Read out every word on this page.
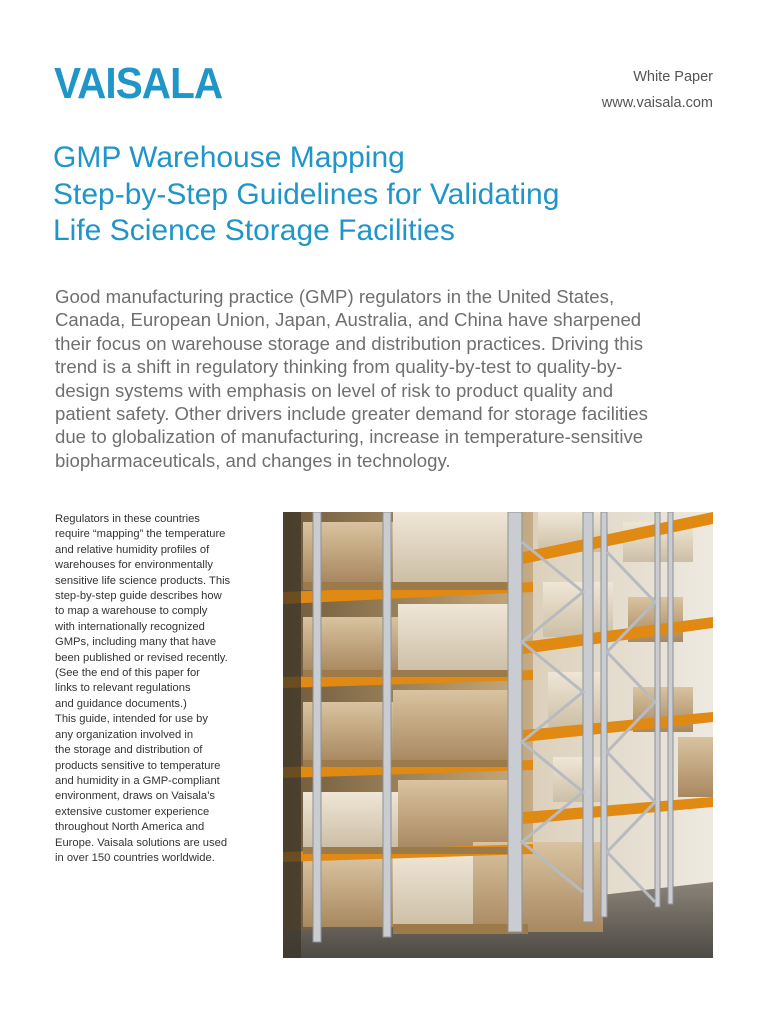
VAISALA	White Paper
www.vaisala.com
GMP Warehouse Mapping
Step-by-Step Guidelines for Validating
Life Science Storage Facilities

Good manufacturing practice (GMP) regulators in the United States,
Canada, European Union, Japan, Australia, and China have sharpened
their focus on warehouse storage and distribution practices. Driving this
trend is a shift in regulatory thinking from quality-by-test to quality-by-
design systems with emphasis on level of risk to product quality and
patient safety. Other drivers include greater demand for storage facilities
due to globalization of manufacturing, increase in temperature-sensitive
biopharmaceuticals, and changes in technology.

Regulators in these countries
require “mapping” the temperature
and relative humidity profiles of
warehouses for environmentally
sensitive life science products. This
step-by-step guide describes how
to map a warehouse to comply
with internationally recognized
GMPs, including many that have
been published or revised recently.
(See the end of this paper for
links to relevant regulations
and guidance documents.)
This guide, intended for use by
any organization involved in
the storage and distribution of
products sensitive to temperature
and humidity in a GMP-compliant
environment, draws on Vaisala’s
extensive customer experience
throughout North America and
Europe. Vaisala solutions are used
in over 150 countries worldwide.
